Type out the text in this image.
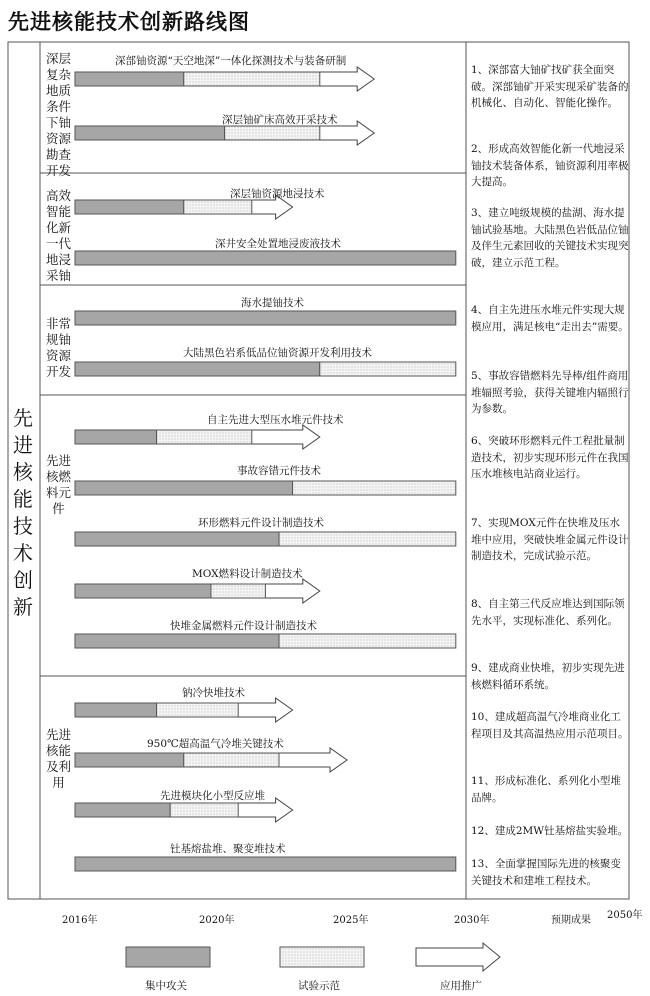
先进核能技术创新路线图
先进核能技术创新
深层复杂地质条件下铀资源勘查开发
高效智能化新一代地浸采铀
非常规铀资源开发
先进核燃料元件
先进核能及利用
深部铀资源“天空地深”一体化探测技术与装备研制
深层铀矿床高效开采技术
深层铀资源地浸技术
深井安全处置地浸废液技术
海水提铀技术
大陆黑色岩系低品位铀资源开发利用技术
自主先进大型压水堆元件技术
事故容错元件技术
环形燃料元件设计制造技术
MOX燃料设计制造技术
快堆金属燃料元件设计制造技术
钠冷快堆技术
950℃超高温气冷堆关键技术
先进模块化小型反应堆
钍基熔盐堆、聚变堆技术
1、深部富大铀矿找矿获全面突破。深部铀矿开采实现采矿装备的机械化、自动化、智能化操作。
2、形成高效智能化新一代地浸采铀技术装备体系，铀资源利用率极大提高。
3、建立吨级规模的盐湖、海水提铀试验基地。大陆黑色岩低品位铀及伴生元素回收的关键技术实现突破，建立示范工程。
4、自主先进压水堆元件实现大规模应用，满足核电“走出去”需要。
5、事故容错燃料先导棒/组件商用堆辐照考验，获得关键堆内辐照行为参数。
6、突破环形燃料元件工程批量制造技术，初步实现环形元件在我国压水堆核电站商业运行。
7、实现MOX元件在快堆及压水堆中应用，突破快堆金属元件设计制造技术，完成试验示范。
8、自主第三代反应堆达到国际领先水平，实现标准化、系列化。
9、建成商业快堆，初步实现先进核燃料循环系统。
10、建成超高温气冷堆商业化工程项目及其高温热应用示范项目。
11、形成标准化、系列化小型堆品牌。
12、建成2MW钍基熔盐实验堆。
13、全面掌握国际先进的核聚变关键技术和建堆工程技术。
2016年	2020年	2025年	2030年	预期成果 2050年
集中攻关	试验示范	应用推广
